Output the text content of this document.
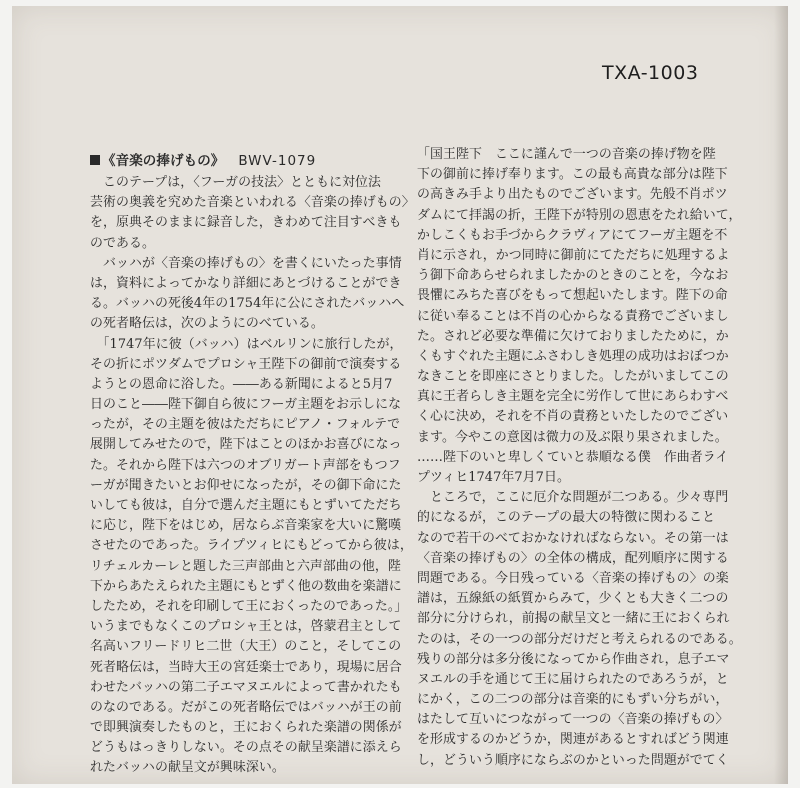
TXA-1003
《音楽の捧げもの》 BWV-1079
　このテープは，〈フーガの技法〉とともに対位法
芸術の奥義を究めた音楽といわれる〈音楽の捧げもの〉
を，原典そのままに録音した，きわめて注目すべきも
のである。
　バッハが〈音楽の捧げもの〉を書くにいたった事情
は，資料によってかなり詳細にあとづけることができ
る。バッハの死後4年の1754年に公にされたバッハへ
の死者略伝は，次のようにのべている。
　「1747年に彼（バッハ）はベルリンに旅行したが，
その折にポツダムでプロシャ王陛下の御前で演奏する
ようとの恩命に浴した。――ある新聞によると5月7
日のこと――陛下御自ら彼にフーガ主題をお示しにな
ったが，その主題を彼はただちにピアノ・フォルテで
展開してみせたので，陛下はことのほかお喜びになっ
た。それから陛下は六つのオブリガート声部をもつフ
ーガが聞きたいとお仰せになったが，その御下命にた
いしても彼は，自分で選んだ主題にもとずいてただち
に応じ，陛下をはじめ，居ならぶ音楽家を大いに驚嘆
させたのであった。ライプツィヒにもどってから彼は，
リチェルカーレと題した三声部曲と六声部曲の他，陛
下からあたえられた主題にもとずく他の数曲を楽譜に
したため，それを印刷して王におくったのであった。」
いうまでもなくこのプロシャ王とは，啓蒙君主として
名高いフリードリヒ二世（大王）のこと，そしてこの
死者略伝は，当時大王の宮廷楽士であり，現場に居合
わせたバッハの第二子エマヌエルによって書かれたも
のなのである。だがこの死者略伝ではバッハが王の前
で即興演奏したものと，王におくられた楽譜の関係が
どうもはっきりしない。その点その献呈楽譜に添えら
れたバッハの献呈文が興味深い。
「国王陛下　ここに謹んで一つの音楽の捧げ物を陛
下の御前に捧げ奉ります。この最も高貴な部分は陛下
の高きみ手より出たものでございます。先般不肖ポツ
ダムにて拝謁の折，王陛下が特別の恩恵をたれ給いて，
かしこくもお手づからクラヴィアにてフーガ主題を不
肖に示され，かつ同時に御前にてただちに処理するよ
う御下命あらせられましたかのときのことを，今なお
畏懼にみちた喜びをもって想起いたします。陛下の命
に従い奉ることは不肖の心からなる責務でございまし
た。されど必要な準備に欠けておりましたために，か
くもすぐれた主題にふさわしき処理の成功はおぼつか
なきことを即座にさとりました。したがいましてこの
真に王者らしき主題を完全に労作して世にあらわすべ
く心に決め，それを不肖の責務といたしたのでござい
ます。今やこの意図は微力の及ぶ限り果されました。
……陛下のいと卑しくていと恭順なる僕　作曲者ライ
プツィヒ1747年7月7日。
　ところで，ここに厄介な問題が二つある。少々専門
的になるが，このテープの最大の特徴に関わること
なので若干のべておかなければならない。その第一は
〈音楽の捧げもの〉の全体の構成，配列順序に関する
問題である。今日残っている〈音楽の捧げもの〉の楽
譜は，五線紙の紙質からみて，少くとも大きく二つの
部分に分けられ，前揭の献呈文と一緒に王におくられ
たのは，その一つの部分だけだと考えられるのである。
残りの部分は多分後になってから作曲され，息子エマ
ヌエルの手を通じて王に届けられたのであろうが，と
にかく，この二つの部分は音楽的にもずい分ちがい，
はたして互いにつながって一つの〈音楽の捧げもの〉
を形成するのかどうか，関連があるとすればどう関連
し，どういう順序にならぶのかといった問題がでてく
